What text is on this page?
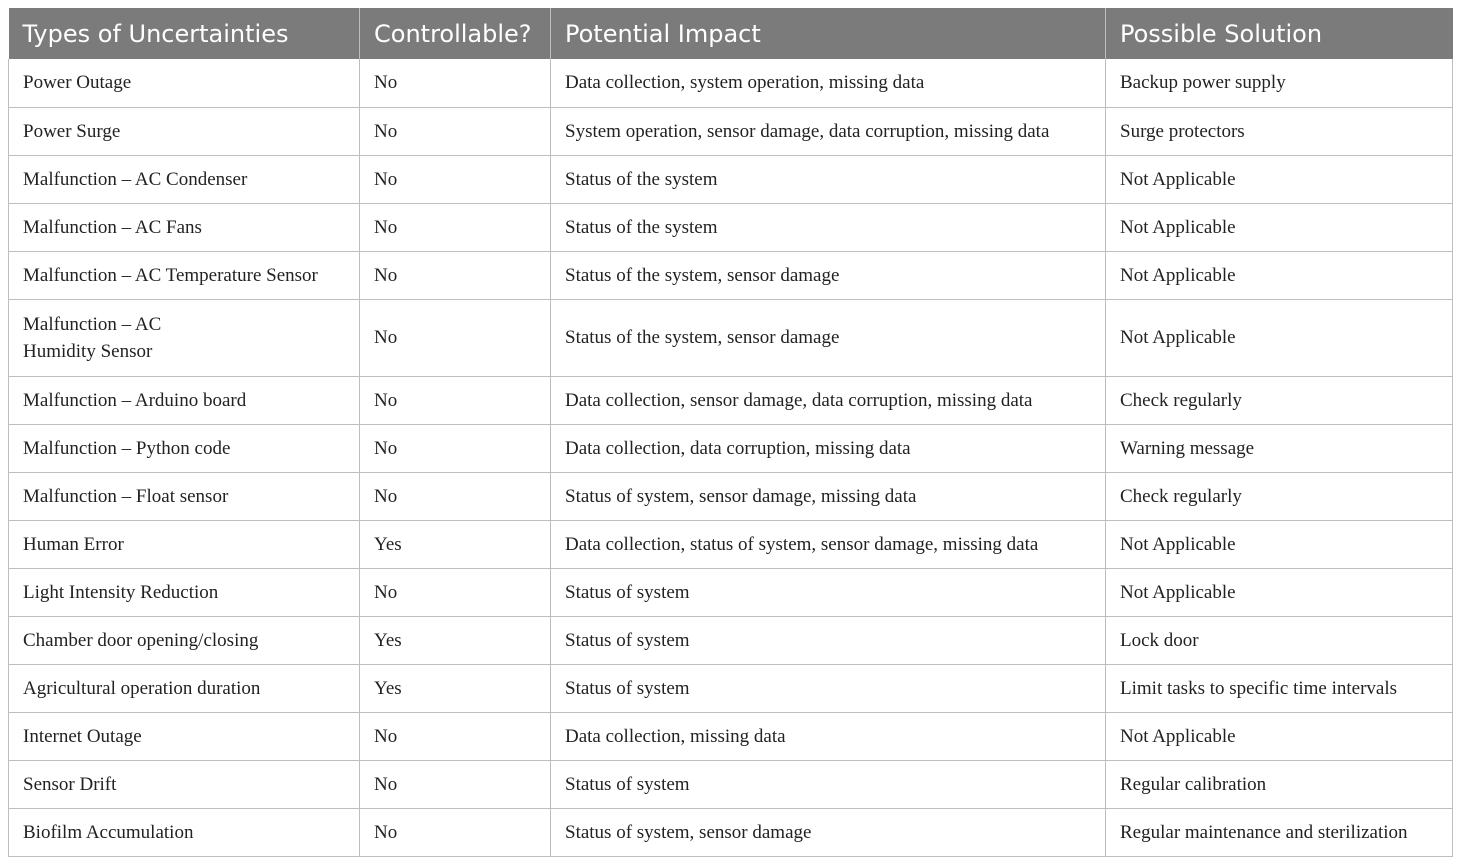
Types of Uncertainties	Controllable?	Potential Impact	Possible Solution

Power Outage	No	Data collection, system operation, missing data	Backup power supply

Power Surge	No	System operation, sensor damage, data corruption, missing data	Surge protectors

Malfunction – AC Condenser	No	Status of the system	Not Applicable

Malfunction – AC Fans	No	Status of the system	Not Applicable

Malfunction – AC Temperature Sensor	No	Status of the system, sensor damage	Not Applicable

Malfunction – AC
Humidity Sensor	No	Status of the system, sensor damage	Not Applicable

Malfunction – Arduino board	No	Data collection, sensor damage, data corruption, missing data	Check regularly

Malfunction – Python code	No	Data collection, data corruption, missing data	Warning message

Malfunction – Float sensor	No	Status of system, sensor damage, missing data	Check regularly

Human Error	Yes	Data collection, status of system, sensor damage, missing data	Not Applicable

Light Intensity Reduction	No	Status of system	Not Applicable

Chamber door opening/closing	Yes	Status of system	Lock door

Agricultural operation duration	Yes	Status of system	Limit tasks to specific time intervals

Internet Outage	No	Data collection, missing data	Not Applicable

Sensor Drift	No	Status of system	Regular calibration

Biofilm Accumulation	No	Status of system, sensor damage	Regular maintenance and sterilization
